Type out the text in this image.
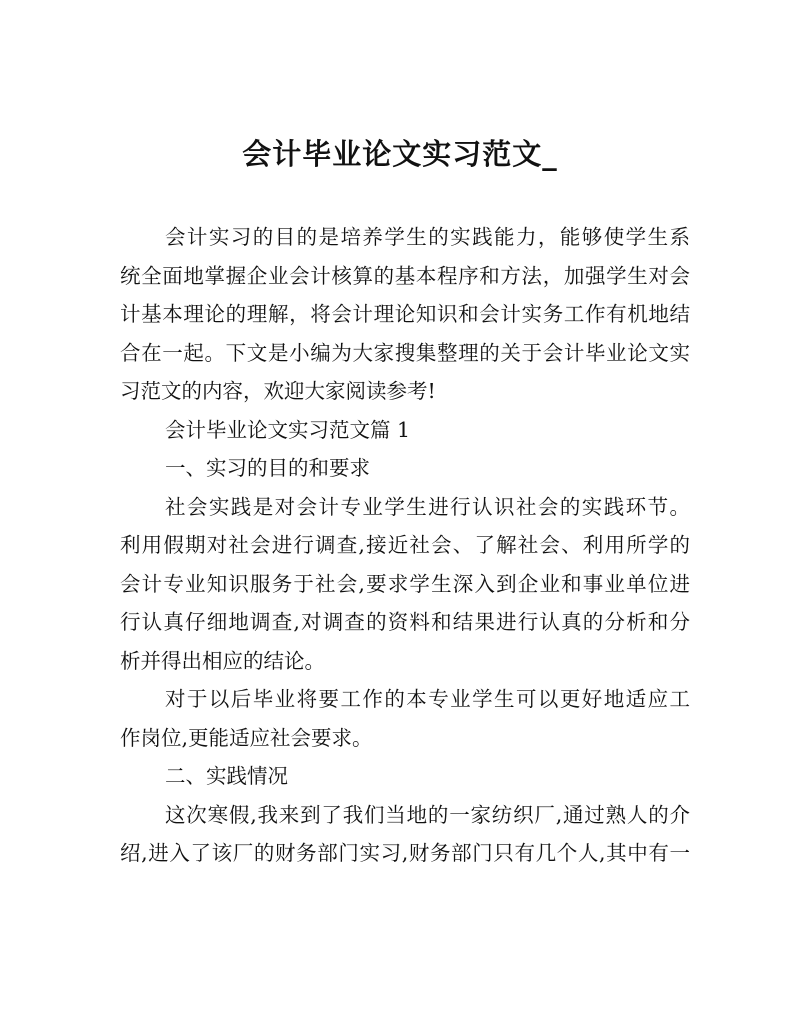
会计毕业论文实习范文_
会计实习的目的是培养学生的实践能力，能够使学生系
统全面地掌握企业会计核算的基本程序和方法，加强学生对会
计基本理论的理解，将会计理论知识和会计实务工作有机地结
合在一起。下文是小编为大家搜集整理的关于会计毕业论文实
习范文的内容，欢迎大家阅读参考!
会计毕业论文实习范文篇 1
一、实习的目的和要求
社会实践是对会计专业学生进行认识社会的实践环节。
利用假期对社会进行调查,接近社会、了解社会、利用所学的
会计专业知识服务于社会,要求学生深入到企业和事业单位进
行认真仔细地调查,对调查的资料和结果进行认真的分析和分
析并得出相应的结论。
对于以后毕业将要工作的本专业学生可以更好地适应工
作岗位,更能适应社会要求。
二、实践情况
这次寒假,我来到了我们当地的一家纺织厂,通过熟人的介
绍,进入了该厂的财务部门实习,财务部门只有几个人,其中有一
